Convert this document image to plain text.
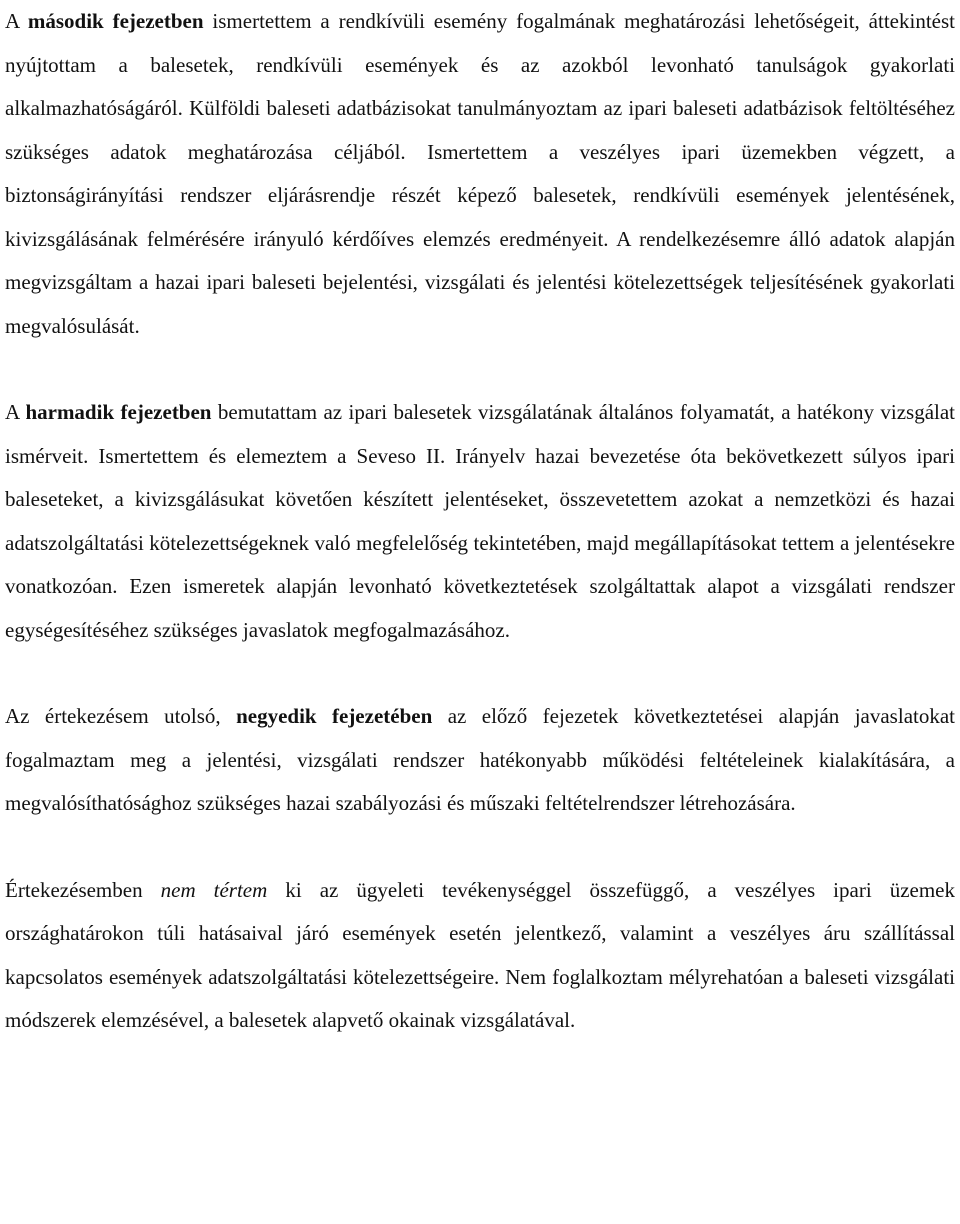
A második fejezetben ismertettem a rendkívüli esemény fogalmának meghatározási lehetőségeit, áttekintést nyújtottam a balesetek, rendkívüli események és az azokból levonható tanulságok gyakorlati alkalmazhatóságáról. Külföldi baleseti adatbázisokat tanulmányoztam az ipari baleseti adatbázisok feltöltéséhez szükséges adatok meghatározása céljából. Ismertettem a veszélyes ipari üzemekben végzett, a biztonságirányítási rendszer eljárásrendje részét képező balesetek, rendkívüli események jelentésének, kivizsgálásának felmérésére irányuló kérdőíves elemzés eredményeit. A rendelkezésemre álló adatok alapján megvizsgáltam a hazai ipari baleseti bejelentési, vizsgálati és jelentési kötelezettségek teljesítésének gyakorlati megvalósulását.

A harmadik fejezetben bemutattam az ipari balesetek vizsgálatának általános folyamatát, a hatékony vizsgálat ismérveit. Ismertettem és elemeztem a Seveso II. Irányelv hazai bevezetése óta bekövetkezett súlyos ipari baleseteket, a kivizsgálásukat követően készített jelentéseket, összevetettem azokat a nemzetközi és hazai adatszolgáltatási kötelezettségeknek való megfelelőség tekintetében, majd megállapításokat tettem a jelentésekre vonatkozóan. Ezen ismeretek alapján levonható következtetések szolgáltattak alapot a vizsgálati rendszer egységesítéséhez szükséges javaslatok megfogalmazásához.

Az értekezésem utolsó, negyedik fejezetében az előző fejezetek következtetései alapján javaslatokat fogalmaztam meg a jelentési, vizsgálati rendszer hatékonyabb működési feltételeinek kialakítására, a megvalósíthatósághoz szükséges hazai szabályozási és műszaki feltételrendszer létrehozására.

Értekezésemben nem tértem ki az ügyeleti tevékenységgel összefüggő, a veszélyes ipari üzemek országhatárokon túli hatásaival járó események esetén jelentkező, valamint a veszélyes áru szállítással kapcsolatos események adatszolgáltatási kötelezettségeire. Nem foglalkoztam mélyrehatóan a baleseti vizsgálati módszerek elemzésével, a balesetek alapvető okainak vizsgálatával.
